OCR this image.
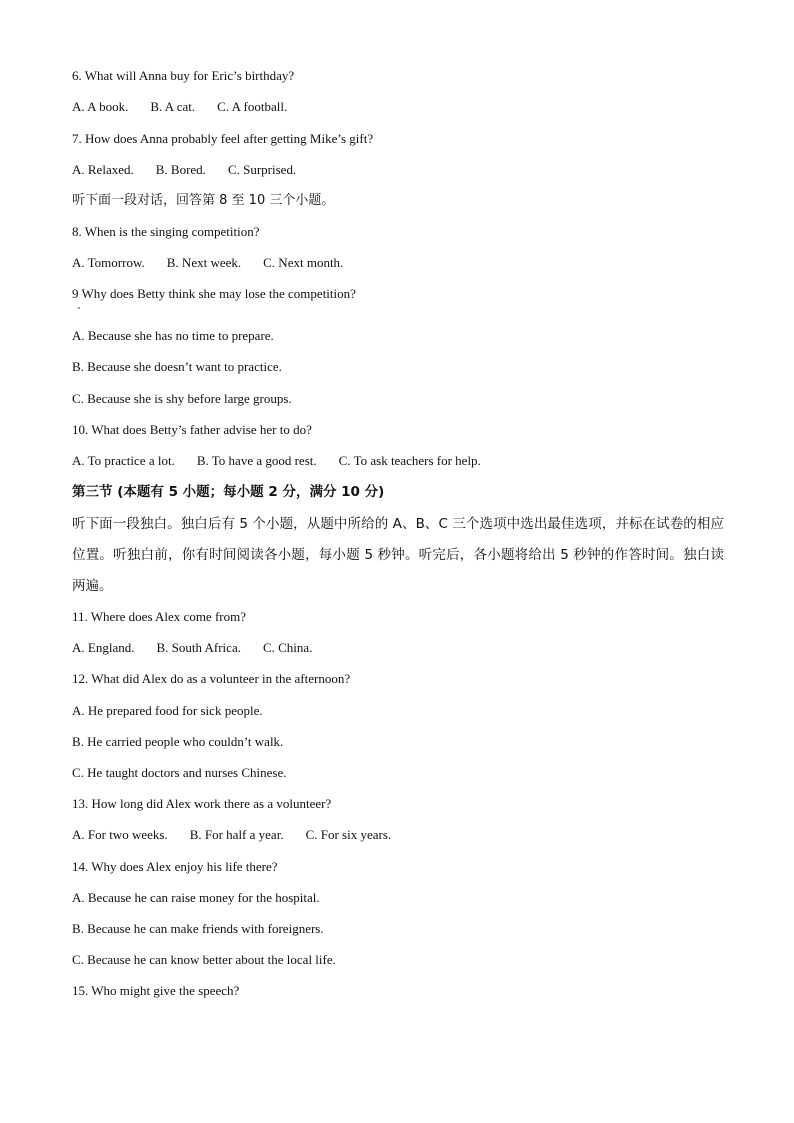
6. What will Anna buy for Eric’s birthday?
A. A book. B. A cat. C. A football.
7. How does Anna probably feel after getting Mike’s gift?
A. Relaxed. B. Bored. C. Surprised.
听下面一段对话，回答第 8 至 10 三个小题。
8. When is the singing competition?
A. Tomorrow. B. Next week. C. Next month.
9 Why does Betty think she may lose the competition?
A. Because she has no time to prepare.
B. Because she doesn’t want to practice.
C. Because she is shy before large groups.
10. What does Betty’s father advise her to do?
A. To practice a lot. B. To have a good rest. C. To ask teachers for help.
第三节 (本题有 5 小题；每小题 2 分，满分 10 分)
听下面一段独白。独白后有 5 个小题，从题中所给的 A、B、C 三个选项中选出最佳选项，并标在试卷的相应位置。听独白前，你有时间阅读各小题，每小题 5 秒钟。听完后，各小题将给出 5 秒钟的作答时间。独白读两遍。
11. Where does Alex come from?
A. England. B. South Africa. C. China.
12. What did Alex do as a volunteer in the afternoon?
A. He prepared food for sick people.
B. He carried people who couldn’t walk.
C. He taught doctors and nurses Chinese.
13. How long did Alex work there as a volunteer?
A. For two weeks. B. For half a year. C. For six years.
14. Why does Alex enjoy his life there?
A. Because he can raise money for the hospital.
B. Because he can make friends with foreigners.
C. Because he can know better about the local life.
15. Who might give the speech?
